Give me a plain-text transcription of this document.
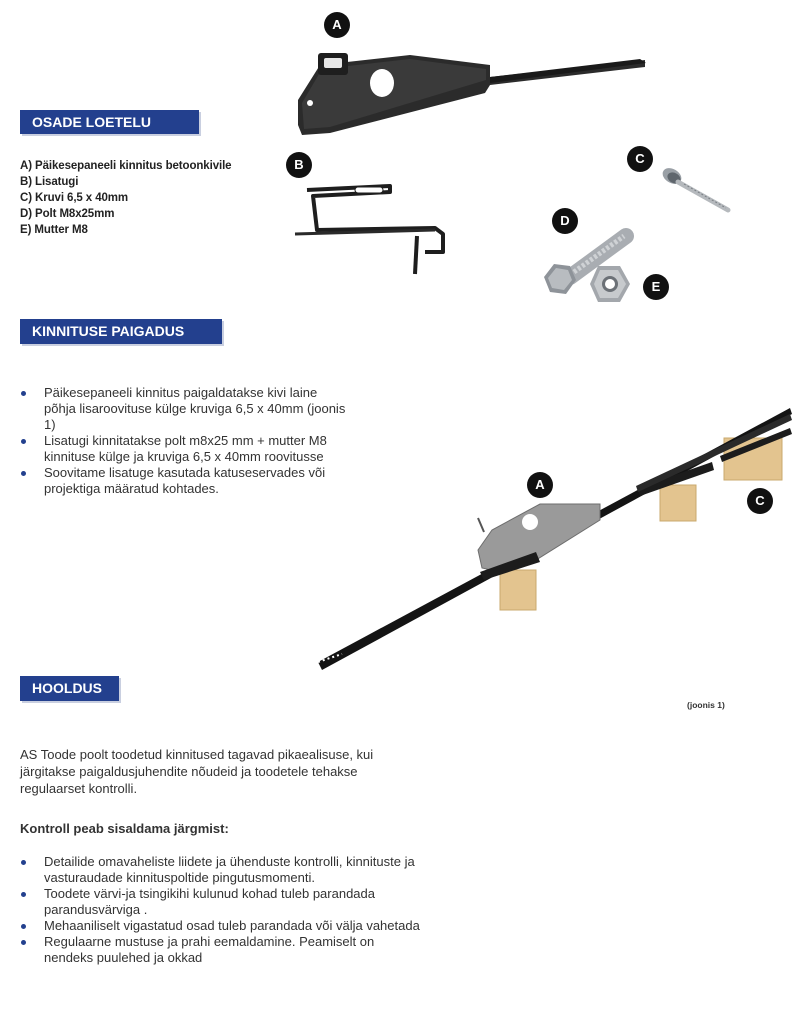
OSADE LOETELU
KINNITUSE PAIGADUS
HOOLDUS
A) Päikesepaneeli kinnitus betoonkivile
B) Lisatugi
C) Kruvi 6,5 x 40mm
D) Polt M8x25mm
E) Mutter M8
A
B	C
D
E
Päikesepaneeli kinnitus paigaldatakse kivi laine põhja lisaroovituse külge kruviga 6,5 x 40mm (joonis 1)
Lisatugi kinnitatakse polt m8x25 mm + mutter M8 kinnituse külge ja kruviga 6,5 x 40mm roovitusse
Soovitame lisatuge kasutada katuseservades või projektiga määratud kohtades.	A
C
(joonis 1)
AS Toode poolt toodetud kinnitused tagavad pikaealisuse, kui järgitakse paigaldusjuhendite nõudeid ja toodetele tehakse regulaarset kontrolli.
Kontroll peab sisaldama järgmist:
Detailide omavaheliste liidete ja ühenduste kontrolli, kinnituste ja vasturaudade kinnituspoltide pingutusmomenti.
Toodete värvi-ja tsingikihi kulunud kohad tuleb parandada parandusvärviga .
Mehaaniliselt vigastatud osad tuleb parandada või välja vahetada
Regulaarne mustuse ja prahi eemaldamine. Peamiselt on nendeks puulehed ja okkad
